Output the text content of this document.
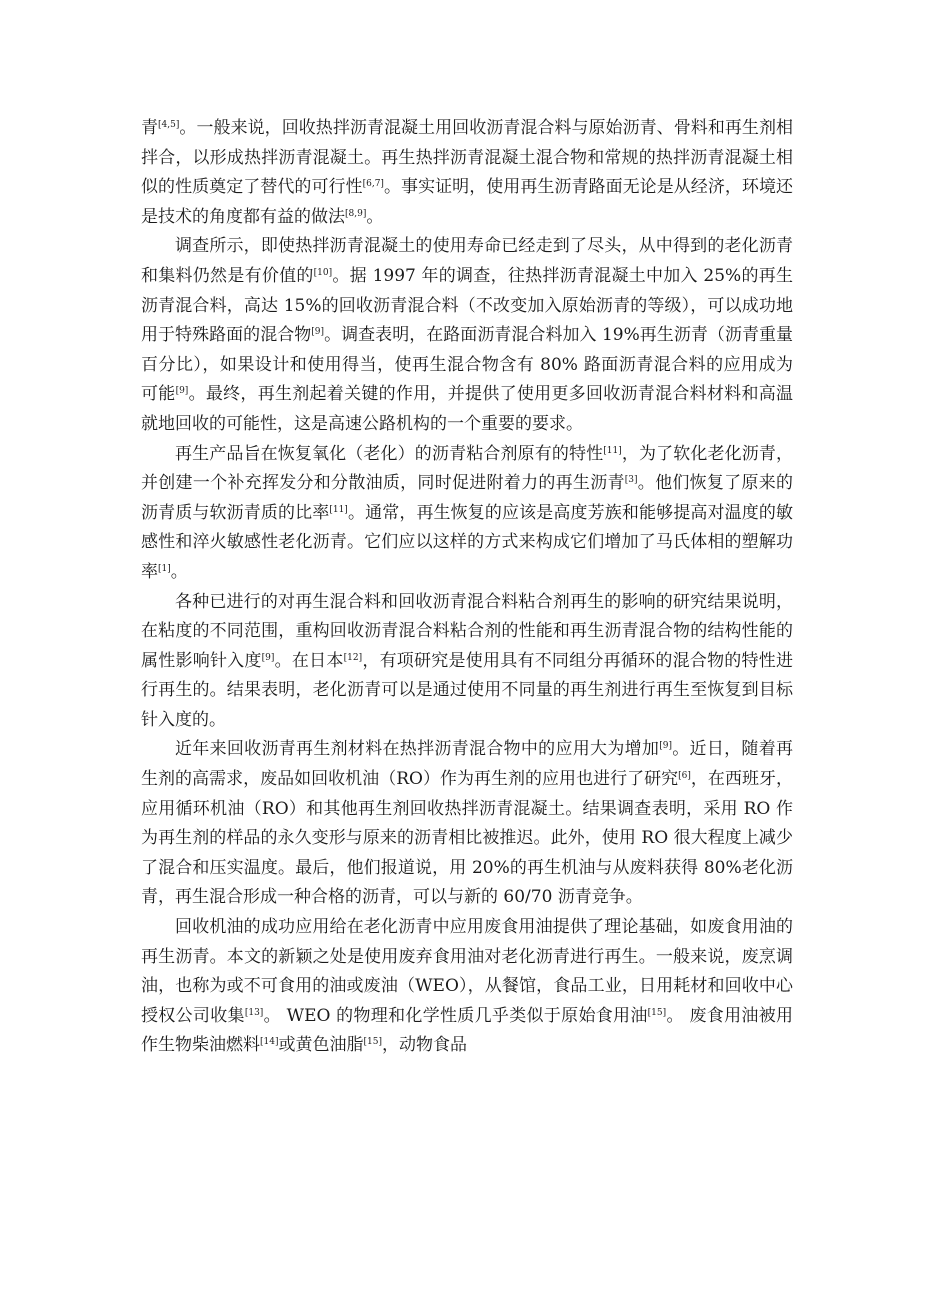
青[4,5]。一般来说，回收热拌沥青混凝土用回收沥青混合料与原始沥青、骨料和再生剂相拌合，以形成热拌沥青混凝土。再生热拌沥青混凝土混合物和常规的热拌沥青混凝土相似的性质奠定了替代的可行性[6,7]。事实证明，使用再生沥青路面无论是从经济，环境还是技术的角度都有益的做法[8,9]。

调查所示，即使热拌沥青混凝土的使用寿命已经走到了尽头，从中得到的老化沥青和集料仍然是有价值的[10]。据 1997 年的调查，往热拌沥青混凝土中加入 25%的再生沥青混合料，高达 15%的回收沥青混合料（不改变加入原始沥青的等级），可以成功地用于特殊路面的混合物[9]。调查表明，在路面沥青混合料加入 19%再生沥青（沥青重量百分比），如果设计和使用得当，使再生混合物含有 80% 路面沥青混合料的应用成为可能[9]。最终，再生剂起着关键的作用，并提供了使用更多回收沥青混合料材料和高温就地回收的可能性，这是高速公路机构的一个重要的要求。

再生产品旨在恢复氧化（老化）的沥青粘合剂原有的特性[11]，为了软化老化沥青，并创建一个补充挥发分和分散油质，同时促进附着力的再生沥青[3]。他们恢复了原来的沥青质与软沥青质的比率[11]。通常，再生恢复的应该是高度芳族和能够提高对温度的敏感性和淬火敏感性老化沥青。它们应以这样的方式来构成它们增加了马氏体相的塑解功率[1]。

各种已进行的对再生混合料和回收沥青混合料粘合剂再生的影响的研究结果说明，在粘度的不同范围，重构回收沥青混合料粘合剂的性能和再生沥青混合物的结构性能的属性影响针入度[9]。在日本[12]，有项研究是使用具有不同组分再循环的混合物的特性进行再生的。结果表明，老化沥青可以是通过使用不同量的再生剂进行再生至恢复到目标针入度的。

近年来回收沥青再生剂材料在热拌沥青混合物中的应用大为增加[9]。近日，随着再生剂的高需求，废品如回收机油（RO）作为再生剂的应用也进行了研究[6]，在西班牙，应用循环机油（RO）和其他再生剂回收热拌沥青混凝土。结果调查表明，采用 RO 作为再生剂的样品的永久变形与原来的沥青相比被推迟。此外，使用 RO 很大程度上减少了混合和压实温度。最后，他们报道说，用 20%的再生机油与从废料获得 80%老化沥青，再生混合形成一种合格的沥青，可以与新的 60/70 沥青竞争。

回收机油的成功应用给在老化沥青中应用废食用油提供了理论基础，如废食用油的再生沥青。本文的新颖之处是使用废弃食用油对老化沥青进行再生。一般来说，废烹调油，也称为或不可食用的油或废油（WEO），从餐馆，食品工业，日用耗材和回收中心授权公司收集[13]。 WEO 的物理和化学性质几乎类似于原始食用油[15]。 废食用油被用作生物柴油燃料[14]或黄色油脂[15]，动物食品
